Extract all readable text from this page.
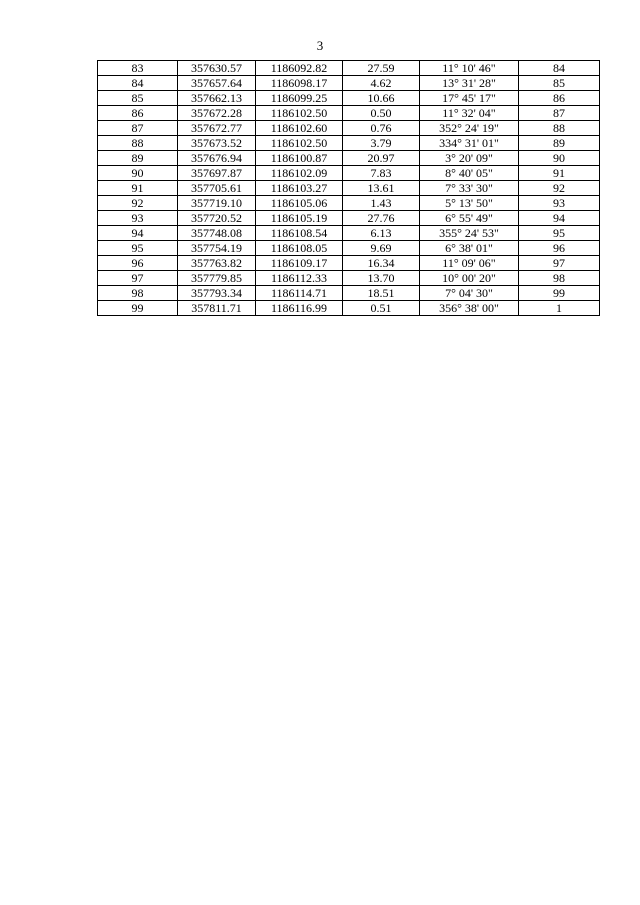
3
83	357630.57	1186092.82	27.59	11° 10' 46"	84
84	357657.64	1186098.17	4.62	13° 31' 28"	85
85	357662.13	1186099.25	10.66	17° 45' 17"	86
86	357672.28	1186102.50	0.50	11° 32' 04"	87
87	357672.77	1186102.60	0.76	352° 24' 19"	88
88	357673.52	1186102.50	3.79	334° 31' 01"	89
89	357676.94	1186100.87	20.97	3° 20' 09"	90
90	357697.87	1186102.09	7.83	8° 40' 05"	91
91	357705.61	1186103.27	13.61	7° 33' 30"	92
92	357719.10	1186105.06	1.43	5° 13' 50"	93
93	357720.52	1186105.19	27.76	6° 55' 49"	94
94	357748.08	1186108.54	6.13	355° 24' 53"	95
95	357754.19	1186108.05	9.69	6° 38' 01"	96
96	357763.82	1186109.17	16.34	11° 09' 06"	97
97	357779.85	1186112.33	13.70	10° 00' 20"	98
98	357793.34	1186114.71	18.51	7° 04' 30"	99
99	357811.71	1186116.99	0.51	356° 38' 00"	1
